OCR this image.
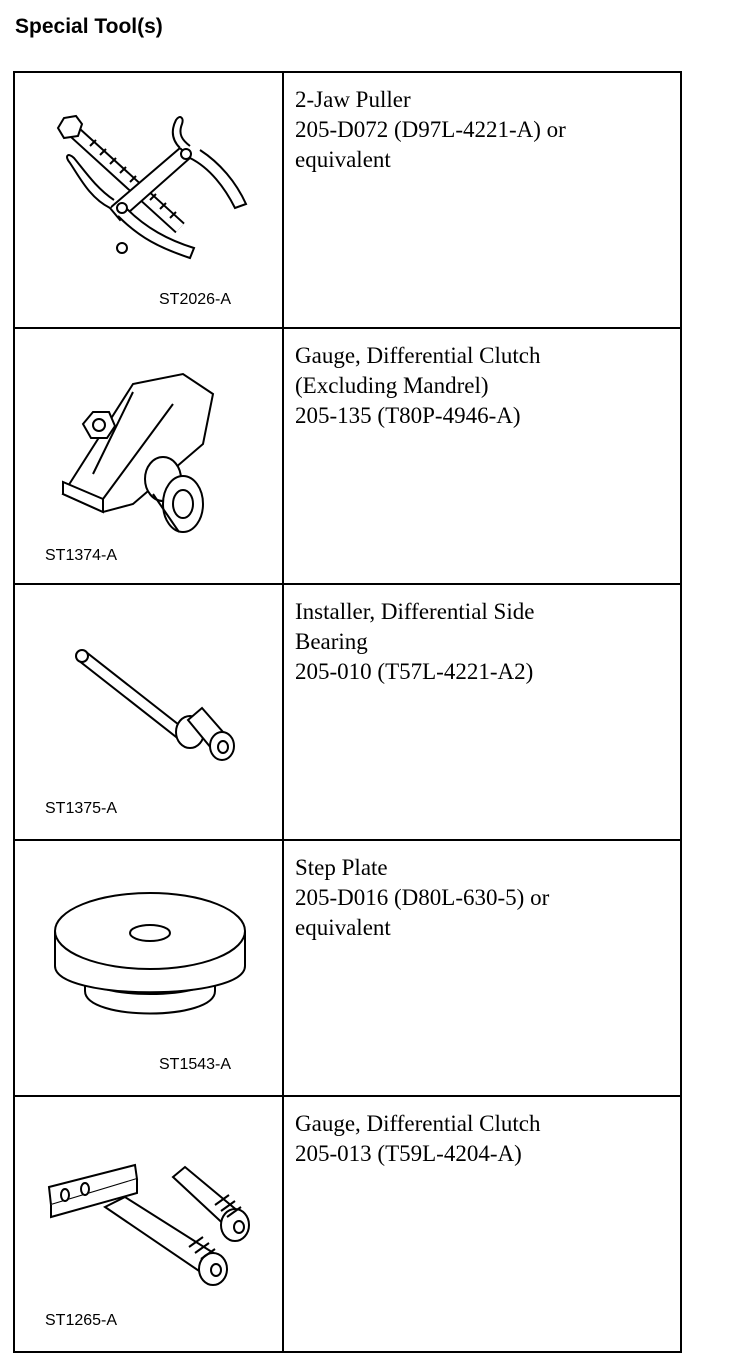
Special Tool(s)
ST2026-A	2-Jaw Puller
205-D072 (D97L-4221-A) or
equivalent

ST1374-A	Gauge, Differential Clutch
(Excluding Mandrel)
205-135 (T80P-4946-A)

ST1375-A	Installer, Differential Side
Bearing
205-010 (T57L-4221-A2)

ST1543-A	Step Plate
205-D016 (D80L-630-5) or
equivalent

ST1265-A	Gauge, Differential Clutch
205-013 (T59L-4204-A)
